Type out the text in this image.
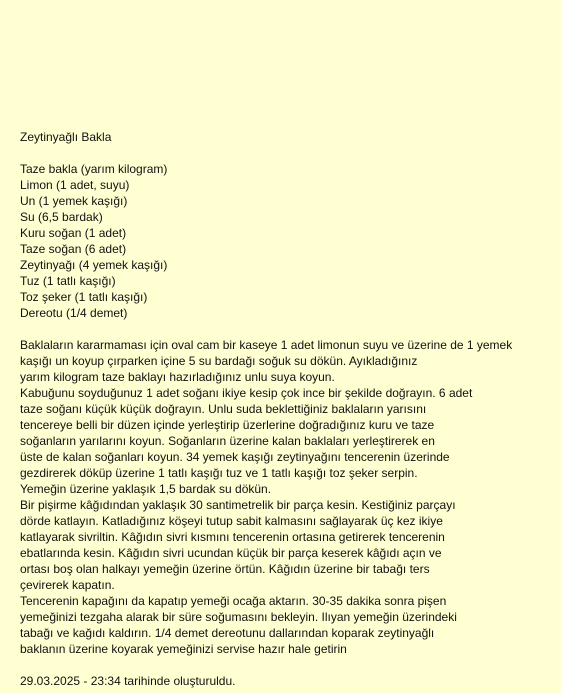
Zeytinyağlı Bakla
Taze bakla (yarım kilogram)
Limon (1 adet, suyu)
Un (1 yemek kaşığı)
Su (6,5 bardak)
Kuru soğan (1 adet)
Taze soğan (6 adet)
Zeytinyağı (4 yemek kaşığı)
Tuz (1 tatlı kaşığı)
Toz şeker (1 tatlı kaşığı)
Dereotu (1/4 demet)
Baklaların kararmaması için oval cam bir kaseye 1 adet limonun suyu ve üzerine de 1 yemek
kaşığı un koyup çırparken içine 5 su bardağı soğuk su dökün. Ayıkladığınız
yarım kilogram taze baklayı hazırladığınız unlu suya koyun.
Kabuğunu soyduğunuz 1 adet soğanı ikiye kesip çok ince bir şekilde doğrayın. 6 adet
taze soğanı küçük küçük doğrayın. Unlu suda beklettiğiniz baklaların yarısını
tencereye belli bir düzen içinde yerleştirip üzerlerine doğradığınız kuru ve taze
soğanların yarılarını koyun. Soğanların üzerine kalan baklaları yerleştirerek en
üste de kalan soğanları koyun. 34 yemek kaşığı zeytinyağını tencerenin üzerinde
gezdirerek döküp üzerine 1 tatlı kaşığı tuz ve 1 tatlı kaşığı toz şeker serpin.
Yemeğin üzerine yaklaşık 1,5 bardak su dökün.
Bir pişirme kâğıdından yaklaşık 30 santimetrelik bir parça kesin. Kestiğiniz parçayı
dörde katlayın. Katladığınız köşeyi tutup sabit kalmasını sağlayarak üç kez ikiye
katlayarak sivriltin. Kâğıdın sivri kısmını tencerenin ortasına getirerek tencerenin
ebatlarında kesin. Kâğıdın sivri ucundan küçük bir parça keserek kâğıdı açın ve
ortası boş olan halkayı yemeğin üzerine örtün. Kâğıdın üzerine bir tabağı ters
çevirerek kapatın.
Tencerenin kapağını da kapatıp yemeği ocağa aktarın. 30-35 dakika sonra pişen
yemeğinizi tezgaha alarak bir süre soğumasını bekleyin. Ilıyan yemeğin üzerindeki
tabağı ve kağıdı kaldırın. 1/4 demet dereotunu dallarından koparak zeytinyağlı
baklanın üzerine koyarak yemeğinizi servise hazır hale getirin
29.03.2025 - 23:34 tarihinde oluşturuldu.
